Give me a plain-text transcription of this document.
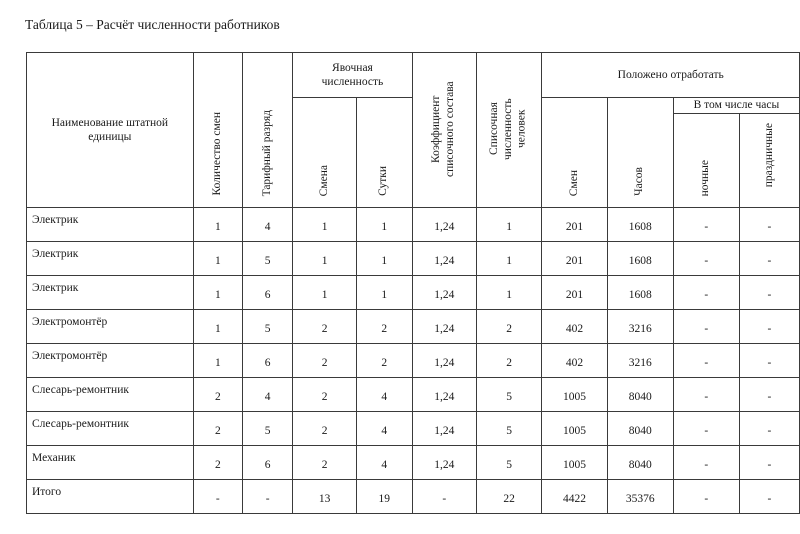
Таблица 5 – Расчёт численности работников
Наименование штатной единицы	Количество смен	Тарифный разряд	Явочная численность		Коэффициент списочного состава	Списочная численность человек	Положено отработать			

			Смена	Сутки			Смен	Часов	В том числе часы	

									ночные	праздничные
Электрик	1	4	1	1	1,24	1	201	1608	-	-
Электрик	1	5	1	1	1,24	1	201	1608	-	-
Электрик	1	6	1	1	1,24	1	201	1608	-	-
Электромонтёр	1	5	2	2	1,24	2	402	3216	-	-
Электромонтёр	1	6	2	2	1,24	2	402	3216	-	-
Слесарь-ремонтник	2	4	2	4	1,24	5	1005	8040	-	-
Слесарь-ремонтник	2	5	2	4	1,24	5	1005	8040	-	-
Механик	2	6	2	4	1,24	5	1005	8040	-	-
Итого	-	-	13	19	-	22	4422	35376	-	-
